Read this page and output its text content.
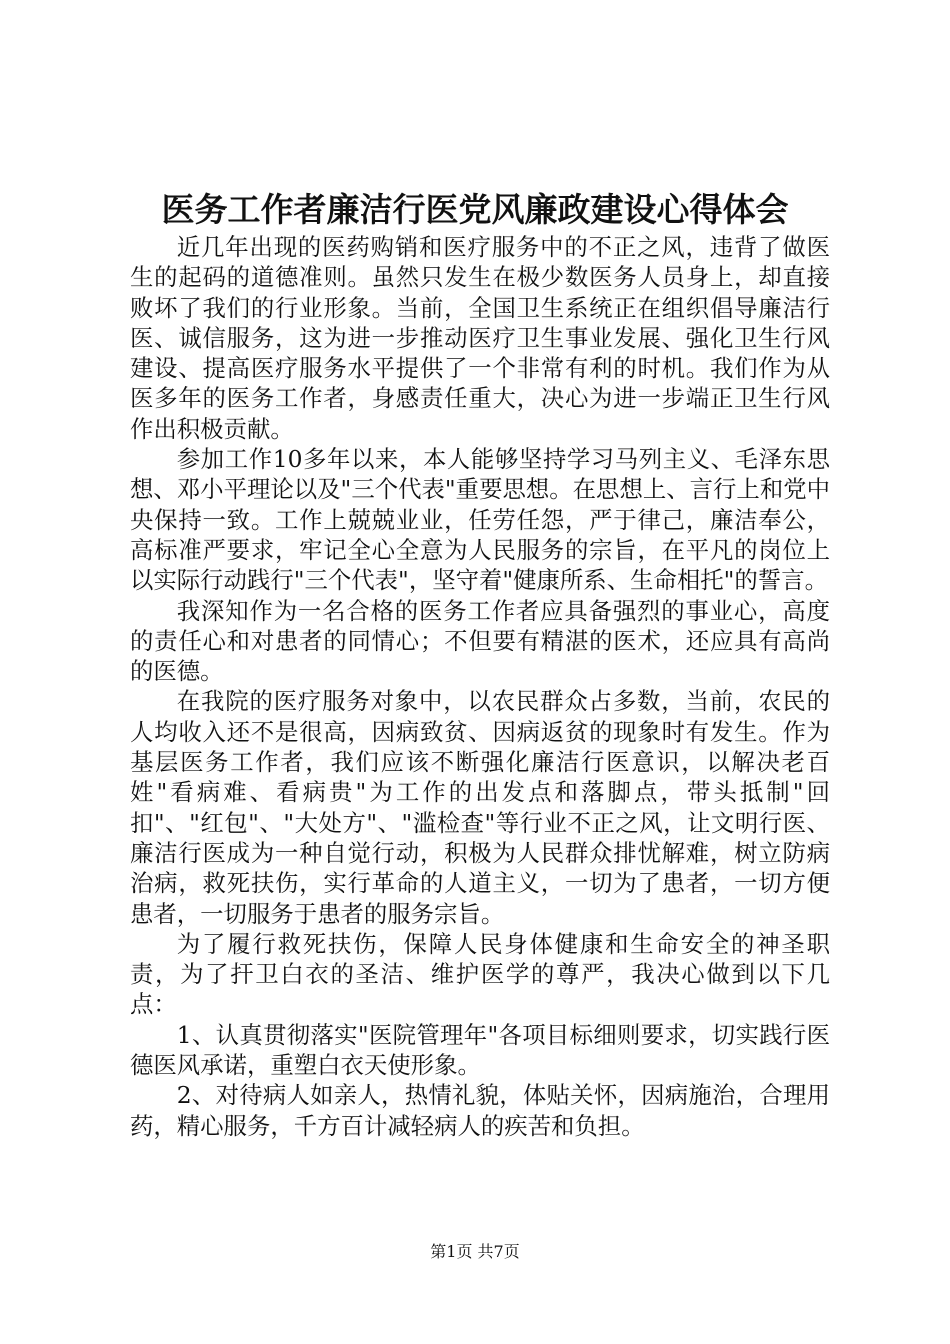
医务工作者廉洁行医党风廉政建设心得体会

近几年出现的医药购销和医疗服务中的不正之风，违背了做医生的起码的道德准则。虽然只发生在极少数医务人员身上，却直接败坏了我们的行业形象。当前，全国卫生系统正在组织倡导廉洁行医、诚信服务，这为进一步推动医疗卫生事业发展、强化卫生行风建设、提高医疗服务水平提供了一个非常有利的时机。我们作为从医多年的医务工作者，身感责任重大，决心为进一步端正卫生行风作出积极贡献。

参加工作10多年以来，本人能够坚持学习马列主义、毛泽东思想、邓小平理论以及"三个代表"重要思想。在思想上、言行上和党中央保持一致。工作上兢兢业业，任劳任怨，严于律己，廉洁奉公，高标准严要求，牢记全心全意为人民服务的宗旨，在平凡的岗位上以实际行动践行"三个代表"，坚守着"健康所系、生命相托"的誓言。

我深知作为一名合格的医务工作者应具备强烈的事业心，高度的责任心和对患者的同情心；不但要有精湛的医术，还应具有高尚的医德。

在我院的医疗服务对象中，以农民群众占多数，当前，农民的人均收入还不是很高，因病致贫、因病返贫的现象时有发生。作为基层医务工作者，我们应该不断强化廉洁行医意识，以解决老百姓"看病难、看病贵"为工作的出发点和落脚点，带头抵制"回扣"、"红包"、"大处方"、"滥检查"等行业不正之风，让文明行医、廉洁行医成为一种自觉行动，积极为人民群众排忧解难，树立防病治病，救死扶伤，实行革命的人道主义，一切为了患者，一切方便患者，一切服务于患者的服务宗旨。

为了履行救死扶伤，保障人民身体健康和生命安全的神圣职责，为了扞卫白衣的圣洁、维护医学的尊严，我决心做到以下几点：

1、认真贯彻落实"医院管理年"各项目标细则要求，切实践行医德医风承诺，重塑白衣天使形象。

2、对待病人如亲人，热情礼貌，体贴关怀，因病施治，合理用药，精心服务，千方百计减轻病人的疾苦和负担。

第1页 共7页
